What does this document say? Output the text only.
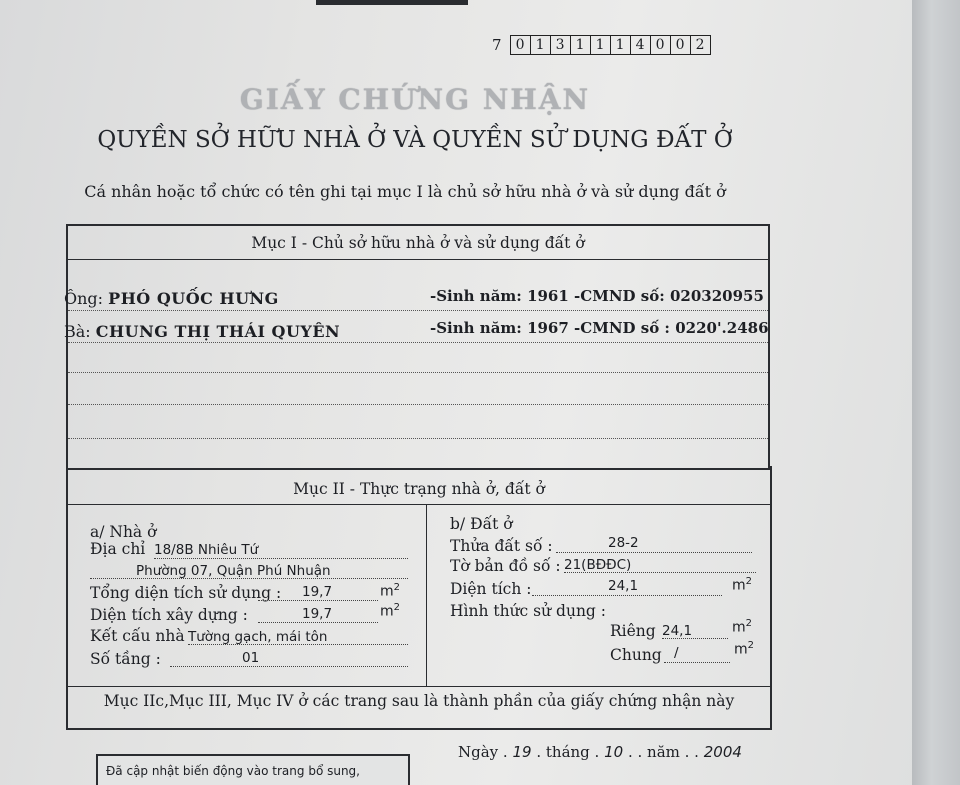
7	0 1 3 1 1 1 4 0 0 2
GIẤY CHỨNG NHẬN
QUYỀN SỞ HỮU NHÀ Ở VÀ QUYỀN SỬ DỤNG ĐẤT Ở
Cá nhân hoặc tổ chức có tên ghi tại mục I là chủ sở hữu nhà ở và sử dụng đất ở
Mục I - Chủ sở hữu nhà ở và sử dụng đất ở
Ông: PHÓ QUỐC HƯNG	-Sinh năm: 1961 -CMND số: 020320955
Bà: CHUNG THỊ THÁI QUYÊN	-Sinh năm: 1967 -CMND số : 0220'.2486
Mục II - Thực trạng nhà ở, đất ở
a/ Nhà ở
Địa chỉ 18/8B Nhiêu Tứ
Phường 07, Quận Phú Nhuận
Tổng diện tích sử dụng : 19,7	$m^2$
Diện tích xây dựng :	19,7	$m^2$
Kết cấu nhà Tường gạch, mái tôn
Số tầng :	01
b/ Đất ở
Thửa đất số :	28-2
Tờ bản đồ số : 21(BĐĐC)
Diện tích :	24,1	$m^2$
Hình thức sử dụng :
Riêng 24,1	$m^2$
Chung /	$m^2$
Mục IIc,Mục III, Mục IV ở các trang sau là thành phần của giấy chứng nhận này
Ngày . 19 . tháng . 10 . . năm . . 2004
Đã cập nhật biến động vào trang bổ sung,
